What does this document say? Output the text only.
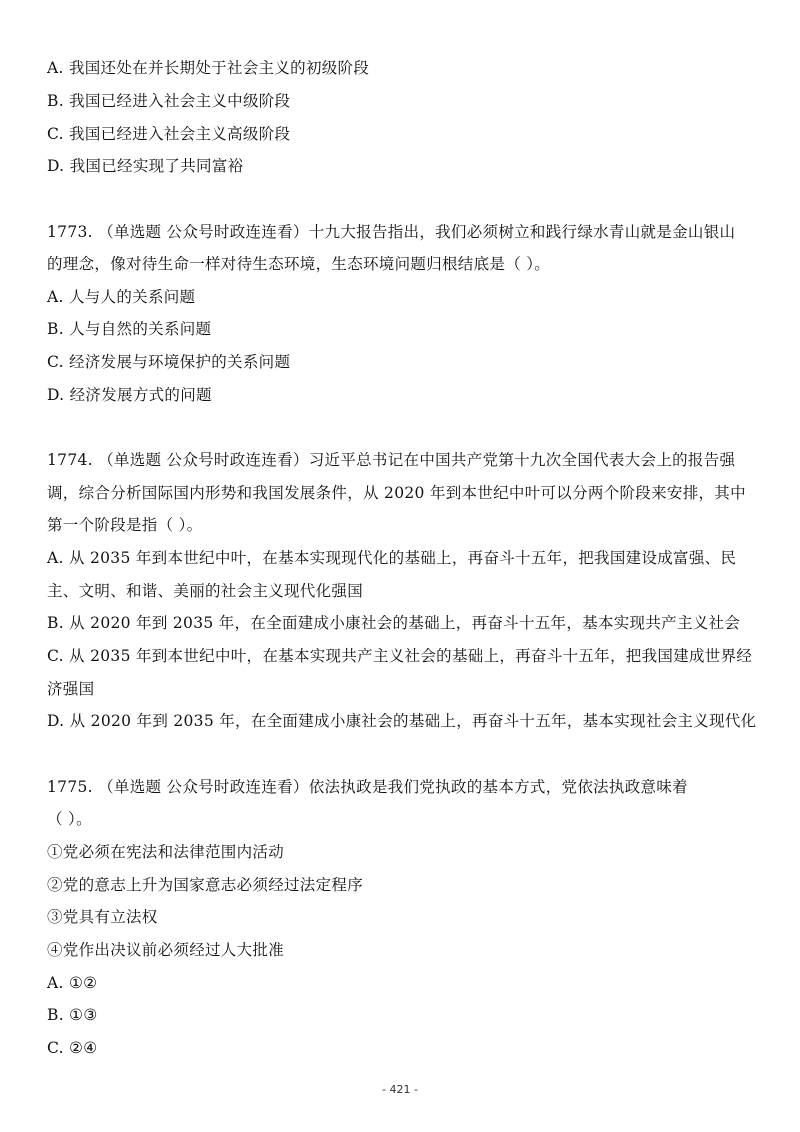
A. 我国还处在并长期处于社会主义的初级阶段
B. 我国已经进入社会主义中级阶段
C. 我国已经进入社会主义高级阶段
D. 我国已经实现了共同富裕
1773. （单选题 公众号时政连连看）十九大报告指出，我们必须树立和践行绿水青山就是金山银山
的理念，像对待生命一样对待生态环境，生态环境问题归根结底是（ ）。
A. 人与人的关系问题
B. 人与自然的关系问题
C. 经济发展与环境保护的关系问题
D. 经济发展方式的问题
1774. （单选题 公众号时政连连看）习近平总书记在中国共产党第十九次全国代表大会上的报告强
调，综合分析国际国内形势和我国发展条件，从 2020 年到本世纪中叶可以分两个阶段来安排，其中
第一个阶段是指（ ）。
A. 从 2035 年到本世纪中叶，在基本实现现代化的基础上，再奋斗十五年，把我国建设成富强、民
主、文明、和谐、美丽的社会主义现代化强国
B. 从 2020 年到 2035 年，在全面建成小康社会的基础上，再奋斗十五年，基本实现共产主义社会
C. 从 2035 年到本世纪中叶，在基本实现共产主义社会的基础上，再奋斗十五年，把我国建成世界经
济强国
D. 从 2020 年到 2035 年，在全面建成小康社会的基础上，再奋斗十五年，基本实现社会主义现代化
1775. （单选题 公众号时政连连看）依法执政是我们党执政的基本方式，党依法执政意味着
（ ）。
①党必须在宪法和法律范围内活动
②党的意志上升为国家意志必须经过法定程序
③党具有立法权
④党作出决议前必须经过人大批准
A. ①②
B. ①③
C. ②④
- 421 -
